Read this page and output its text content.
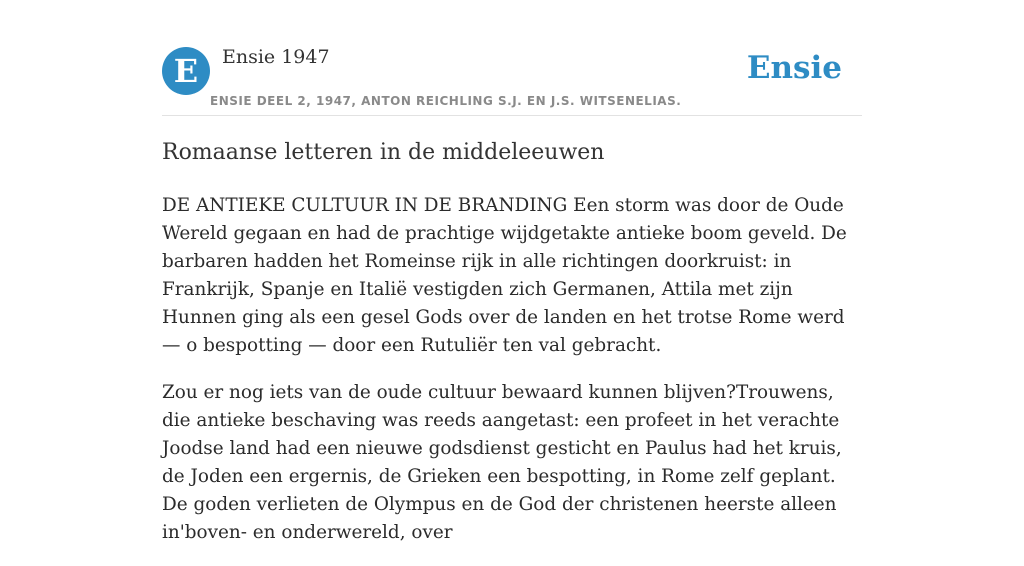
E	Ensie 1947
ENSIE DEEL 2, 1947, ANTON REICHLING S.J. EN J.S. WITSENELIAS.
Ensie
Romaanse letteren in de middeleeuwen

DE ANTIEKE CULTUUR IN DE BRANDING Een storm was door de Oude Wereld gegaan en had de prachtige wijdgetakte antieke boom geveld. De barbaren hadden het Romeinse rijk in alle richtingen doorkruist: in Frankrijk, Spanje en Italië vestigden zich Germanen, Attila met zijn Hunnen ging als een gesel Gods over de landen en het trotse Rome werd — o bespotting — door een Rutuliër ten val gebracht.

Zou er nog iets van de oude cultuur bewaard kunnen blijven?Trouwens, die antieke beschaving was reeds aangetast: een profeet in het verachte Joodse land had een nieuwe godsdienst gesticht en Paulus had het kruis, de Joden een ergernis, de Grieken een bespotting, in Rome zelf geplant. De goden verlieten de Olympus en de God der christenen heerste alleen in'boven- en onderwereld, over
